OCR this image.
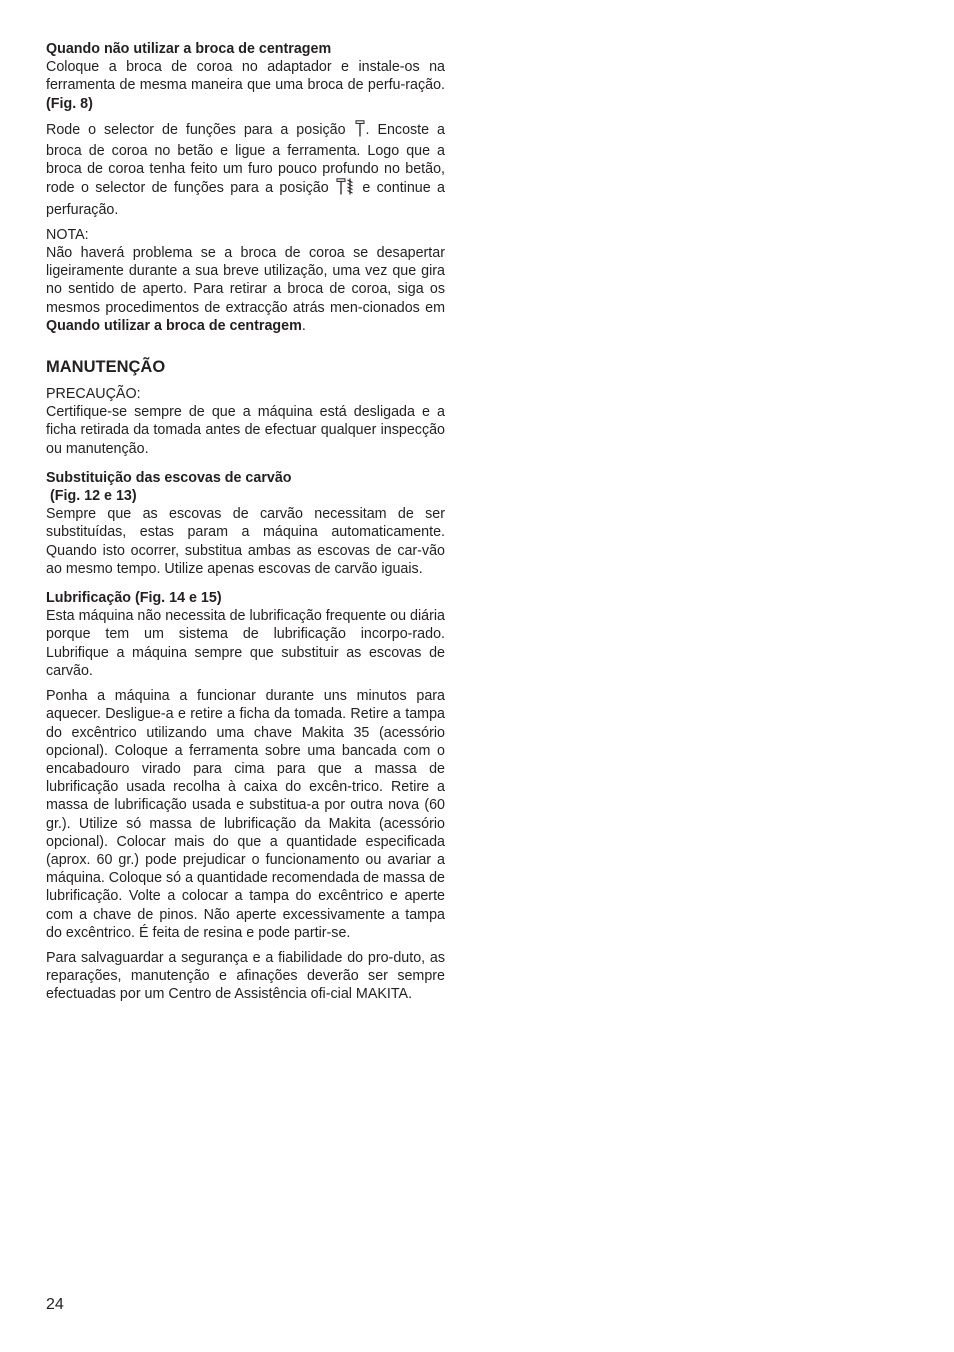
Quando não utilizar a broca de centragem

Coloque a broca de coroa no adaptador e instale-os na ferramenta de mesma maneira que uma broca de perfu-ração. (Fig. 8)

Rode o selector de funções para a posição . Encoste a broca de coroa no betão e ligue a ferramenta. Logo que a broca de coroa tenha feito um furo pouco profundo no betão, rode o selector de funções para a posição e continue a perfuração.

NOTA:

Não haverá problema se a broca de coroa se desapertar ligeiramente durante a sua breve utilização, uma vez que gira no sentido de aperto. Para retirar a broca de coroa, siga os mesmos procedimentos de extracção atrás men-cionados em Quando utilizar a broca de centragem.

MANUTENÇÃO

PRECAUÇÃO:

Certifique-se sempre de que a máquina está desligada e a ficha retirada da tomada antes de efectuar qualquer inspecção ou manutenção.

Substituição das escovas de carvão

(Fig. 12 e 13)

Sempre que as escovas de carvão necessitam de ser substituídas, estas param a máquina automaticamente. Quando isto ocorrer, substitua ambas as escovas de car-vão ao mesmo tempo. Utilize apenas escovas de carvão iguais.

Lubrificação (Fig. 14 e 15)

Esta máquina não necessita de lubrificação frequente ou diária porque tem um sistema de lubrificação incorpo-rado. Lubrifique a máquina sempre que substituir as escovas de carvão.

Ponha a máquina a funcionar durante uns minutos para aquecer. Desligue-a e retire a ficha da tomada. Retire a tampa do excêntrico utilizando uma chave Makita 35 (acessório opcional). Coloque a ferramenta sobre uma bancada com o encabadouro virado para cima para que a massa de lubrificação usada recolha à caixa do excên-trico. Retire a massa de lubrificação usada e substitua-a por outra nova (60 gr.). Utilize só massa de lubrificação da Makita (acessório opcional). Colocar mais do que a quantidade especificada (aprox. 60 gr.) pode prejudicar o funcionamento ou avariar a máquina. Coloque só a quantidade recomendada de massa de lubrificação. Volte a colocar a tampa do excêntrico e aperte com a chave de pinos. Não aperte excessivamente a tampa do excêntrico. É feita de resina e pode partir-se.

Para salvaguardar a segurança e a fiabilidade do pro-duto, as reparações, manutenção e afinações deverão ser sempre efectuadas por um Centro de Assistência ofi-cial MAKITA.

24
